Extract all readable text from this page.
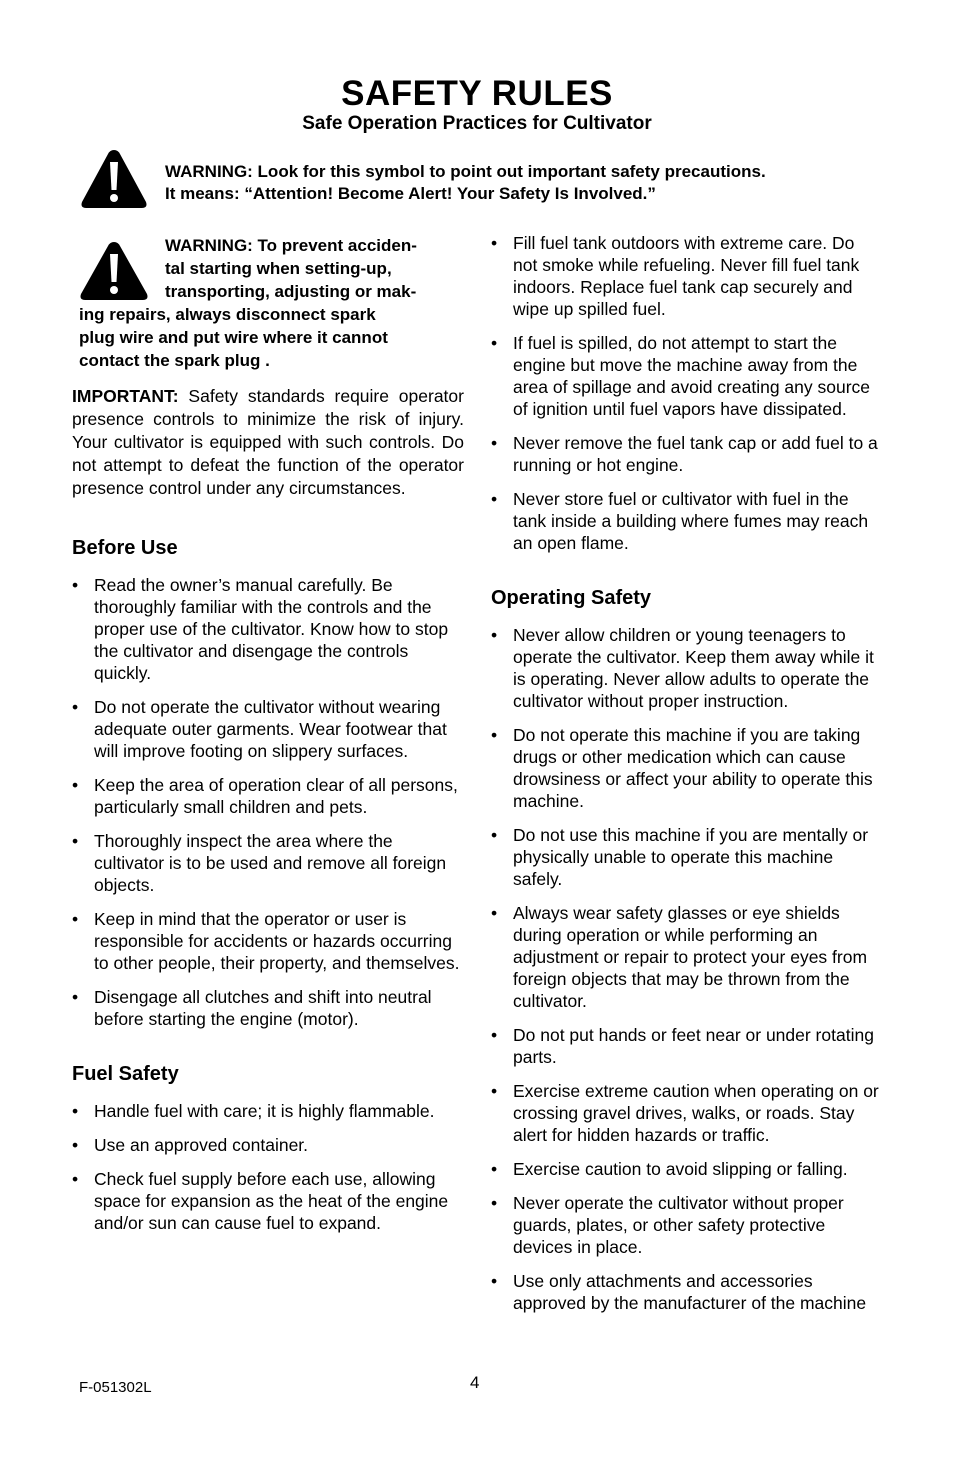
SAFETY RULES
Safe Operation Practices for Cultivator
WARNING: Look for this symbol to point out important safety precautions.
It means: “Attention! Become Alert! Your Safety Is Involved.”
WARNING: To prevent acciden-
tal starting when setting-up,
transporting, adjusting or mak-
ing repairs, always disconnect spark
plug wire and put wire where it cannot
contact the spark plug .
IMPORTANT: Safety standards require operator presence controls to minimize the risk of injury. Your cultivator is equipped with such controls. Do not attempt to defeat the function of the operator presence control under any circumstances.
Before Use
• Read the owner’s manual carefully. Be thoroughly familiar with the controls and the proper use of the cultivator. Know how to stop the cultivator and disengage the controls quickly.
• Do not operate the cultivator without wearing adequate outer garments. Wear footwear that will improve footing on slippery surfaces.
• Keep the area of operation clear of all persons, particularly small children and pets.
• Thoroughly inspect the area where the cultivator is to be used and remove all foreign objects.
• Keep in mind that the operator or user is responsible for accidents or hazards occurring to other people, their property, and themselves.
• Disengage all clutches and shift into neutral before starting the engine (motor).
Fuel Safety
• Handle fuel with care; it is highly flammable.
• Use an approved container.
• Check fuel supply before each use, allowing space for expansion as the heat of the engine and/or sun can cause fuel to expand.
• Fill fuel tank outdoors with extreme care. Do not smoke while refueling. Never fill fuel tank indoors. Replace fuel tank cap securely and wipe up spilled fuel.
• If fuel is spilled, do not attempt to start the engine but move the machine away from the area of spillage and avoid creating any source of ignition until fuel vapors have dissipated.
• Never remove the fuel tank cap or add fuel to a running or hot engine.
• Never store fuel or cultivator with fuel in the tank inside a building where fumes may reach an open flame.
Operating Safety
• Never allow children or young teenagers to operate the cultivator. Keep them away while it is operating. Never allow adults to operate the cultivator without proper instruction.
• Do not operate this machine if you are taking drugs or other medication which can cause drowsiness or affect your ability to operate this machine.
• Do not use this machine if you are mentally or physically unable to operate this machine safely.
• Always wear safety glasses or eye shields during operation or while performing an adjustment or repair to protect your eyes from foreign objects that may be thrown from the cultivator.
• Do not put hands or feet near or under rotating parts.
• Exercise extreme caution when operating on or crossing gravel drives, walks, or roads. Stay alert for hidden hazards or traffic.
• Exercise caution to avoid slipping or falling.
• Never operate the cultivator without proper guards, plates, or other safety protective devices in place.
• Use only attachments and accessories approved by the manufacturer of the machine
F-051302L	4
